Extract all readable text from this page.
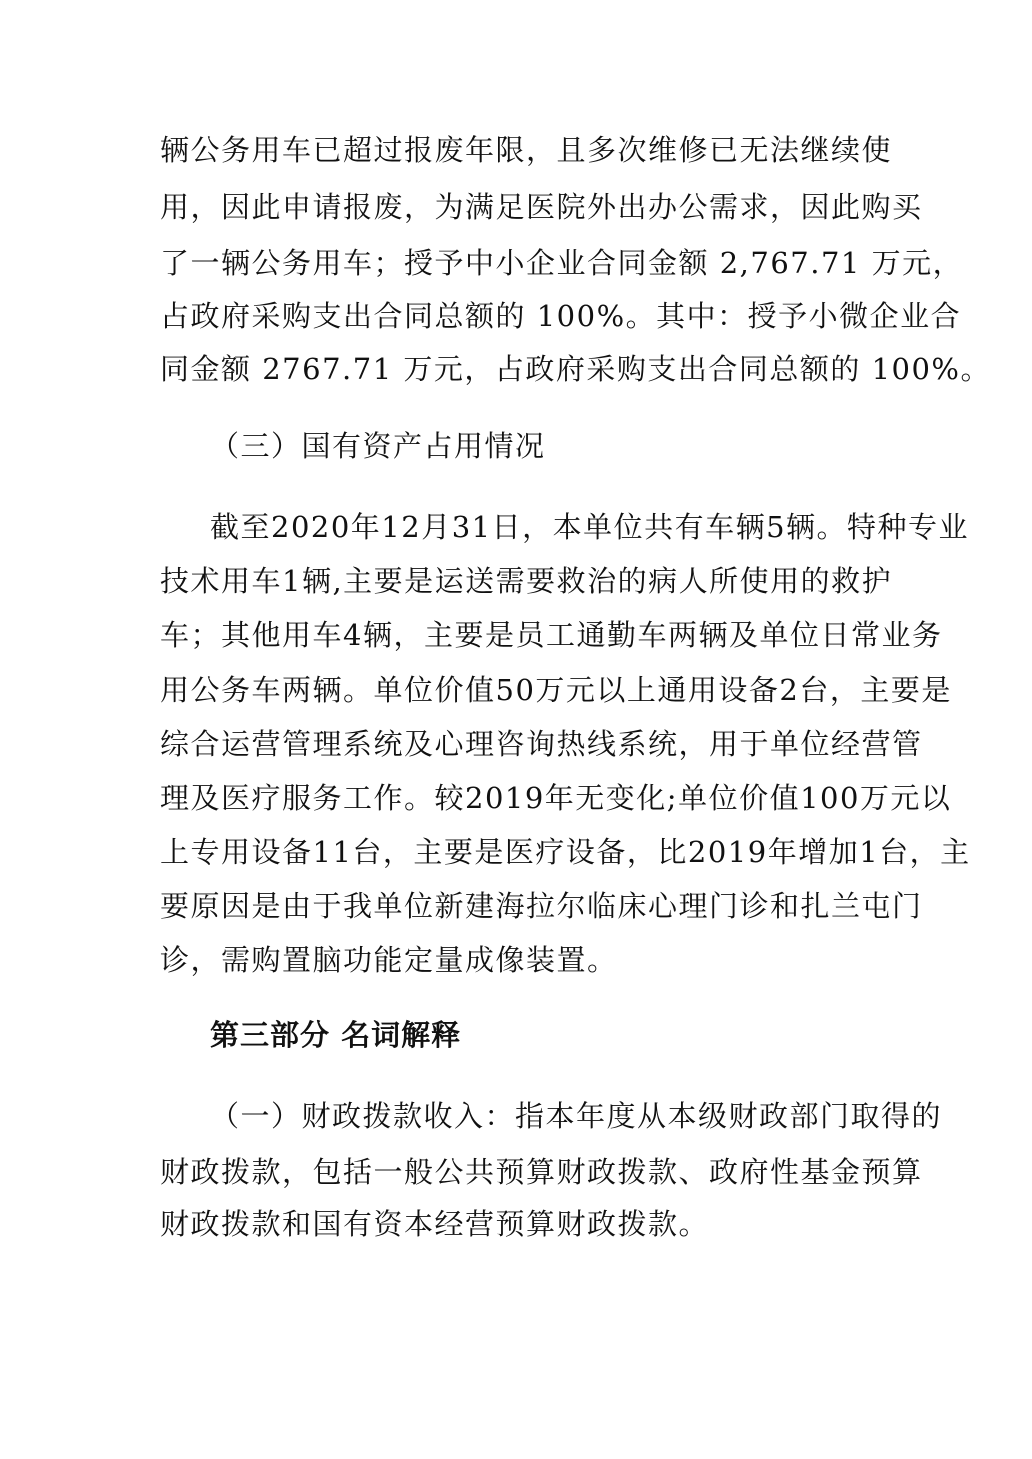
辆公务用车已超过报废年限，且多次维修已无法继续使
用，因此申请报废，为满足医院外出办公需求，因此购买
了一辆公务用车；授予中小企业合同金额 2,767.71 万元，
占政府采购支出合同总额的 100%。其中：授予小微企业合
同金额 2767.71 万元，占政府采购支出合同总额的 100%。
（三）国有资产占用情况
截至2020年12月31日，本单位共有车辆5辆。特种专业
技术用车1辆,主要是运送需要救治的病人所使用的救护
车；其他用车4辆，主要是员工通勤车两辆及单位日常业务
用公务车两辆。单位价值50万元以上通用设备2台，主要是
综合运营管理系统及心理咨询热线系统，用于单位经营管
理及医疗服务工作。较2019年无变化;单位价值100万元以
上专用设备11台，主要是医疗设备，比2019年增加1台，主
要原因是由于我单位新建海拉尔临床心理门诊和扎兰屯门
诊，需购置脑功能定量成像装置。
第三部分 名词解释
（一）财政拨款收入：指本年度从本级财政部门取得的
财政拨款，包括一般公共预算财政拨款、政府性基金预算
财政拨款和国有资本经营预算财政拨款。
